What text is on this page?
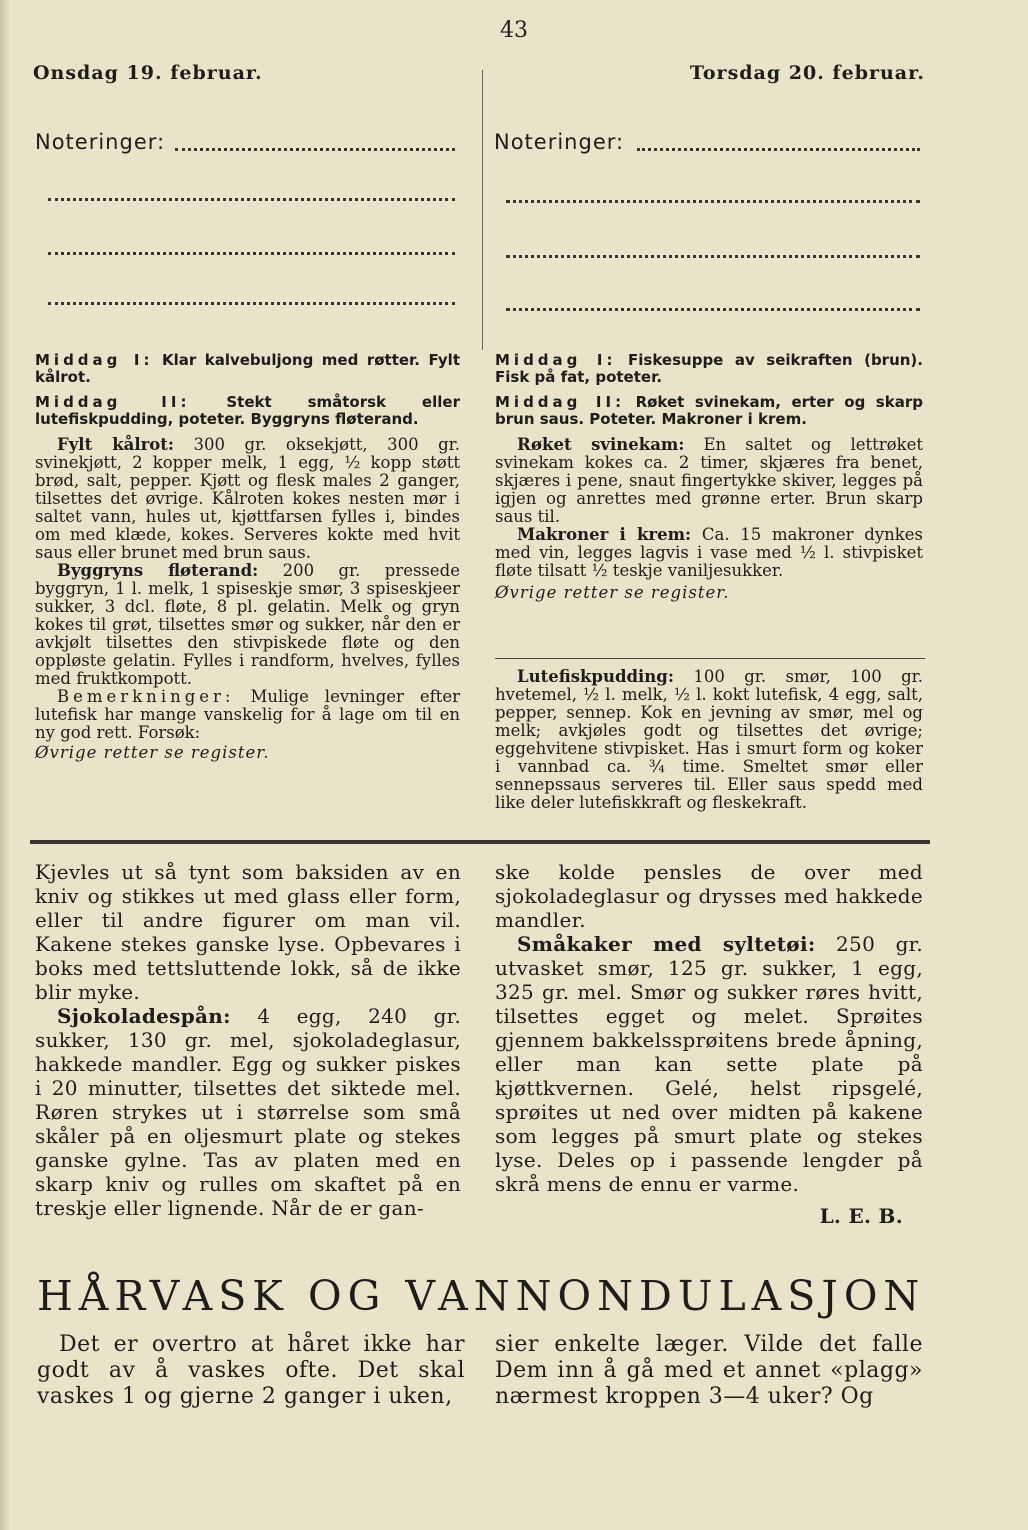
43
Onsdag 19. februar.	Torsdag 20. februar.
Noteringer:	Noteringer:

Middag I: Klar kalvebuljong med røtter. Fylt kålrot.

Middag II: Stekt småtorsk eller lutefiskpudding, poteter. Byggryns fløterand.

Fylt kålrot: 300 gr. oksekjøtt, 300 gr. svinekjøtt, 2 kopper melk, 1 egg, ½ kopp støtt brød, salt, pepper. Kjøtt og flesk males 2 ganger, tilsettes det øvrige. Kålroten kokes nesten mør i saltet vann, hules ut, kjøttfarsen fylles i, bindes om med klæde, kokes. Serveres kokte med hvit saus eller brunet med brun saus.

Byggryns fløterand: 200 gr. pressede byggryn, 1 l. melk, 1 spiseskje smør, 3 spiseskjeer sukker, 3 dcl. fløte, 8 pl. gelatin. Melk og gryn kokes til grøt, tilsettes smør og sukker, når den er avkjølt tilsettes den stivpiskede fløte og den oppløste gelatin. Fylles i randform, hvelves, fylles med fruktkompott.

Bemerkninger: Mulige levninger efter lutefisk har mange vanskelig for å lage om til en ny god rett. Forsøk:

Øvrige retter se register.

Middag I: Fiskesuppe av seikraften (brun). Fisk på fat, poteter.

Middag II: Røket svinekam, erter og skarp brun saus. Poteter. Makroner i krem.

Røket svinekam: En saltet og lettrøket svinekam kokes ca. 2 timer, skjæres fra benet, skjæres i pene, snaut fingertykke skiver, legges på igjen og anrettes med grønne erter. Brun skarp saus til.

Makroner i krem: Ca. 15 makroner dynkes med vin, legges lagvis i vase med ½ l. stivpisket fløte tilsatt ½ teskje vaniljesukker.

Øvrige retter se register.

Lutefiskpudding: 100 gr. smør, 100 gr. hvetemel, ½ l. melk, ½ l. kokt lutefisk, 4 egg, salt, pepper, sennep. Kok en jevning av smør, mel og melk; avkjøles godt og tilsettes det øvrige; eggehvitene stivpisket. Has i smurt form og koker i vannbad ca. ¾ time. Smeltet smør eller sennepssaus serveres til. Eller saus spedd med like deler lutefiskkraft og fleskekraft.

Kjevles ut så tynt som baksiden av en kniv og stikkes ut med glass eller form, eller til andre figurer om man vil. Kakene stekes ganske lyse. Opbevares i boks med tettsluttende lokk, så de ikke blir myke.

Sjokoladespån: 4 egg, 240 gr. sukker, 130 gr. mel, sjokoladeglasur, hakkede mandler. Egg og sukker piskes i 20 minutter, tilsettes det siktede mel. Røren strykes ut i størrelse som små skåler på en oljesmurt plate og stekes ganske gylne. Tas av platen med en skarp kniv og rulles om skaftet på en treskje eller lignende. Når de er gan-

ske kolde pensles de over med sjokoladeglasur og drysses med hakkede mandler.

Småkaker med syltetøi: 250 gr. utvasket smør, 125 gr. sukker, 1 egg, 325 gr. mel. Smør og sukker røres hvitt, tilsettes egget og melet. Sprøites gjennem bakkelssprøitens brede åpning, eller man kan sette plate på kjøttkvernen. Gelé, helst ripsgelé, sprøites ut ned over midten på kakene som legges på smurt plate og stekes lyse. Deles op i passende lengder på skrå mens de ennu er varme.

L. E. B.

HÅRVASK OG VANNONDULASJON

Det er overtro at håret ikke har godt av å vaskes ofte. Det skal vaskes 1 og gjerne 2 ganger i uken,

sier enkelte læger. Vilde det falle Dem inn å gå med et annet «plagg» nærmest kroppen 3—4 uker? Og
